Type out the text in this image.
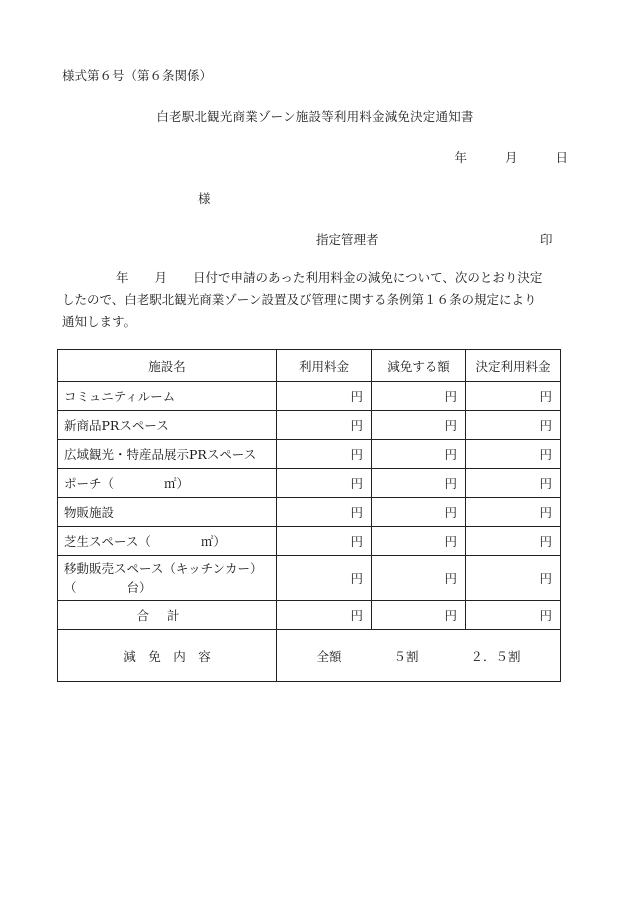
様式第６号（第６条関係）
白老駅北観光商業ゾーン施設等利用料金減免決定通知書
年	月	日
様
指定管理者	印

年 月 日付で申請のあった利用料金の減免について、次のとおり決定

したので、白老駅北観光商業ゾーン設置及び管理に関する条例第１６条の規定により

通知します。

施設名	利用料金	減免する額	決定利用料金
コミュニティルーム	円	円	円
新商品PRスペース	円	円	円
広域観光・特産品展示PRスペース	円	円	円
ポーチ（　　　　㎡）	円	円	円
物販施設	円	円	円
芝生スペース（　　　　㎡）	円	円	円

移動販売スペース（キッチンカー）
（　　　　台）	円	円	円
合計	円	円	円
減　免　内　容	全額 ５割 ２．５割		
